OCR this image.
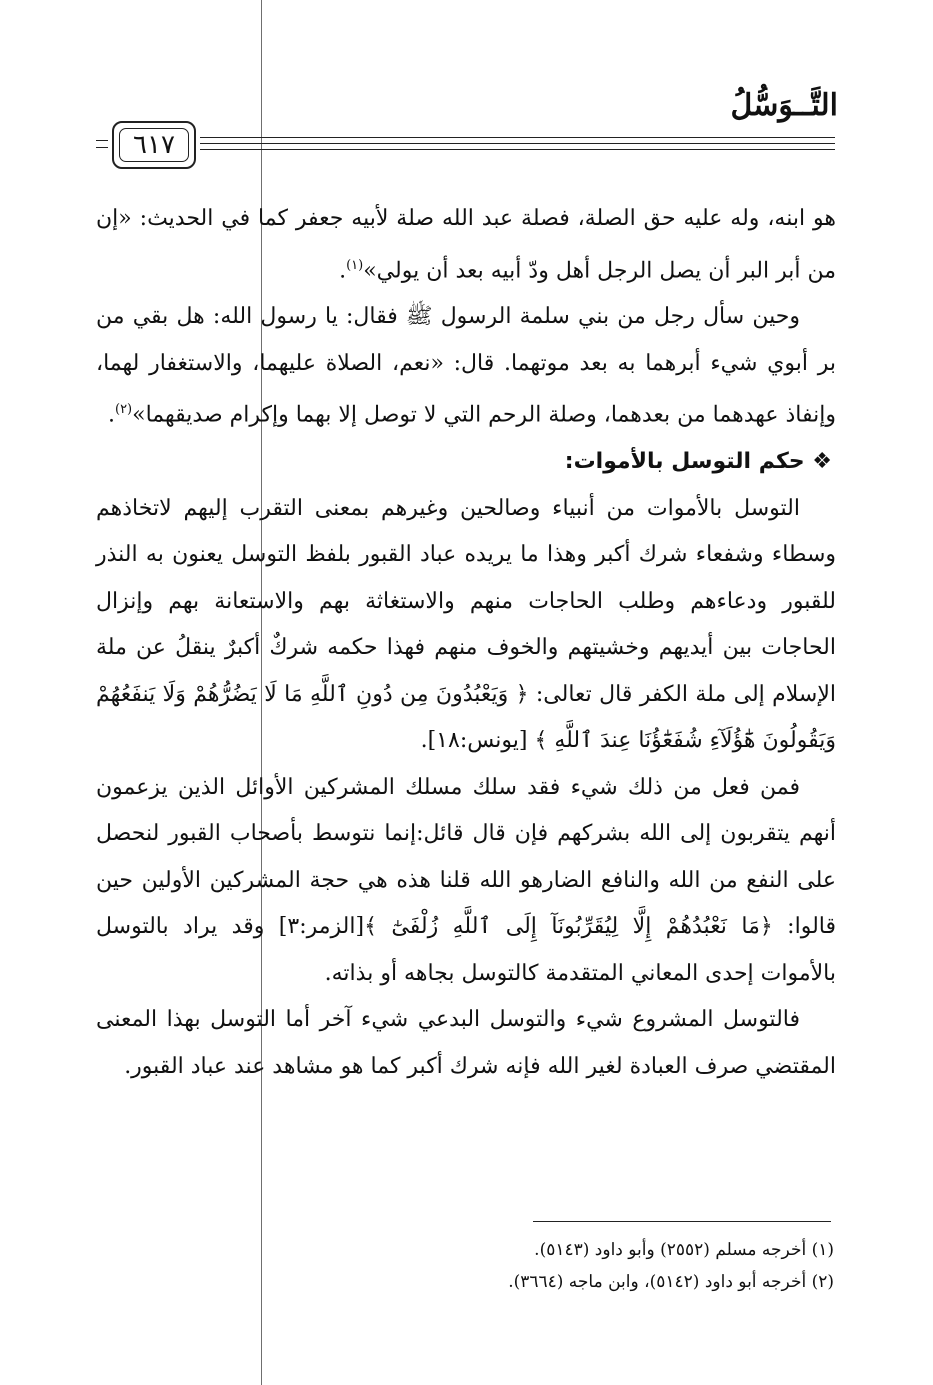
التَّــوَسُّلُ
٦١٧

هو ابنه، وله عليه حق الصلة، فصلة عبد الله صلة لأبيه جعفر كما في الحديث: «إن من أبر البر أن يصل الرجل أهل ودّ أبيه بعد أن يولي»$^{(١)}$.

وحين سأل رجل من بني سلمة الرسول ﷺ فقال: يا رسول الله: هل بقي من بر أبوي شيء أبرهما به بعد موتهما. قال: «نعم، الصلاة عليهما، والاستغفار لهما، وإنفاذ عهدهما من بعدهما، وصلة الرحم التي لا توصل إلا بهما وإكرام صديقهما»$^{(٢)}$.

❖ حكم التوسل بالأموات:

التوسل بالأموات من أنبياء وصالحين وغيرهم بمعنى التقرب إليهم لاتخاذهم وسطاء وشفعاء شرك أكبر وهذا ما يريده عباد القبور بلفظ التوسل يعنون به النذر للقبور ودعاءهم وطلب الحاجات منهم والاستغاثة بهم والاستعانة بهم وإنزال الحاجات بين أيديهم وخشيتهم والخوف منهم فهذا حكمه شركٌ أكبرٌ ينقلُ عن ملة الإسلام إلى ملة الكفر قال تعالى: ﴿ وَيَعْبُدُونَ مِن دُونِ ٱللَّهِ مَا لَا يَضُرُّهُمْ وَلَا يَنفَعُهُمْ وَيَقُولُونَ هَٰٓؤُلَآءِ شُفَعَٰٓؤُنَا عِندَ ٱللَّهِ ﴾ [يونس:١٨].

فمن فعل من ذلك شيء فقد سلك مسلك المشركين الأوائل الذين يزعمون أنهم يتقربون إلى الله بشركهم فإن قال قائل:إنما نتوسط بأصحاب القبور لنحصل على النفع من الله والنافع الضارهو الله قلنا هذه هي حجة المشركين الأولين حين قالوا: ﴿مَا نَعْبُدُهُمْ إِلَّا لِيُقَرِّبُونَآ إِلَى ٱللَّهِ زُلْفَىٰٓ ﴾[الزمر:٣] وقد يراد بالتوسل بالأموات إحدى المعاني المتقدمة كالتوسل بجاهه أو بذاته.

فالتوسل المشروع شيء والتوسل البدعي شيء آخر أما التوسل بهذا المعنى المقتضي صرف العبادة لغير الله فإنه شرك أكبر كما هو مشاهد عند عباد القبور.

(١) أخرجه مسلم (٢٥٥٢) وأبو داود (٥١٤٣).

(٢) أخرجه أبو داود (٥١٤٢)، وابن ماجه (٣٦٦٤).
